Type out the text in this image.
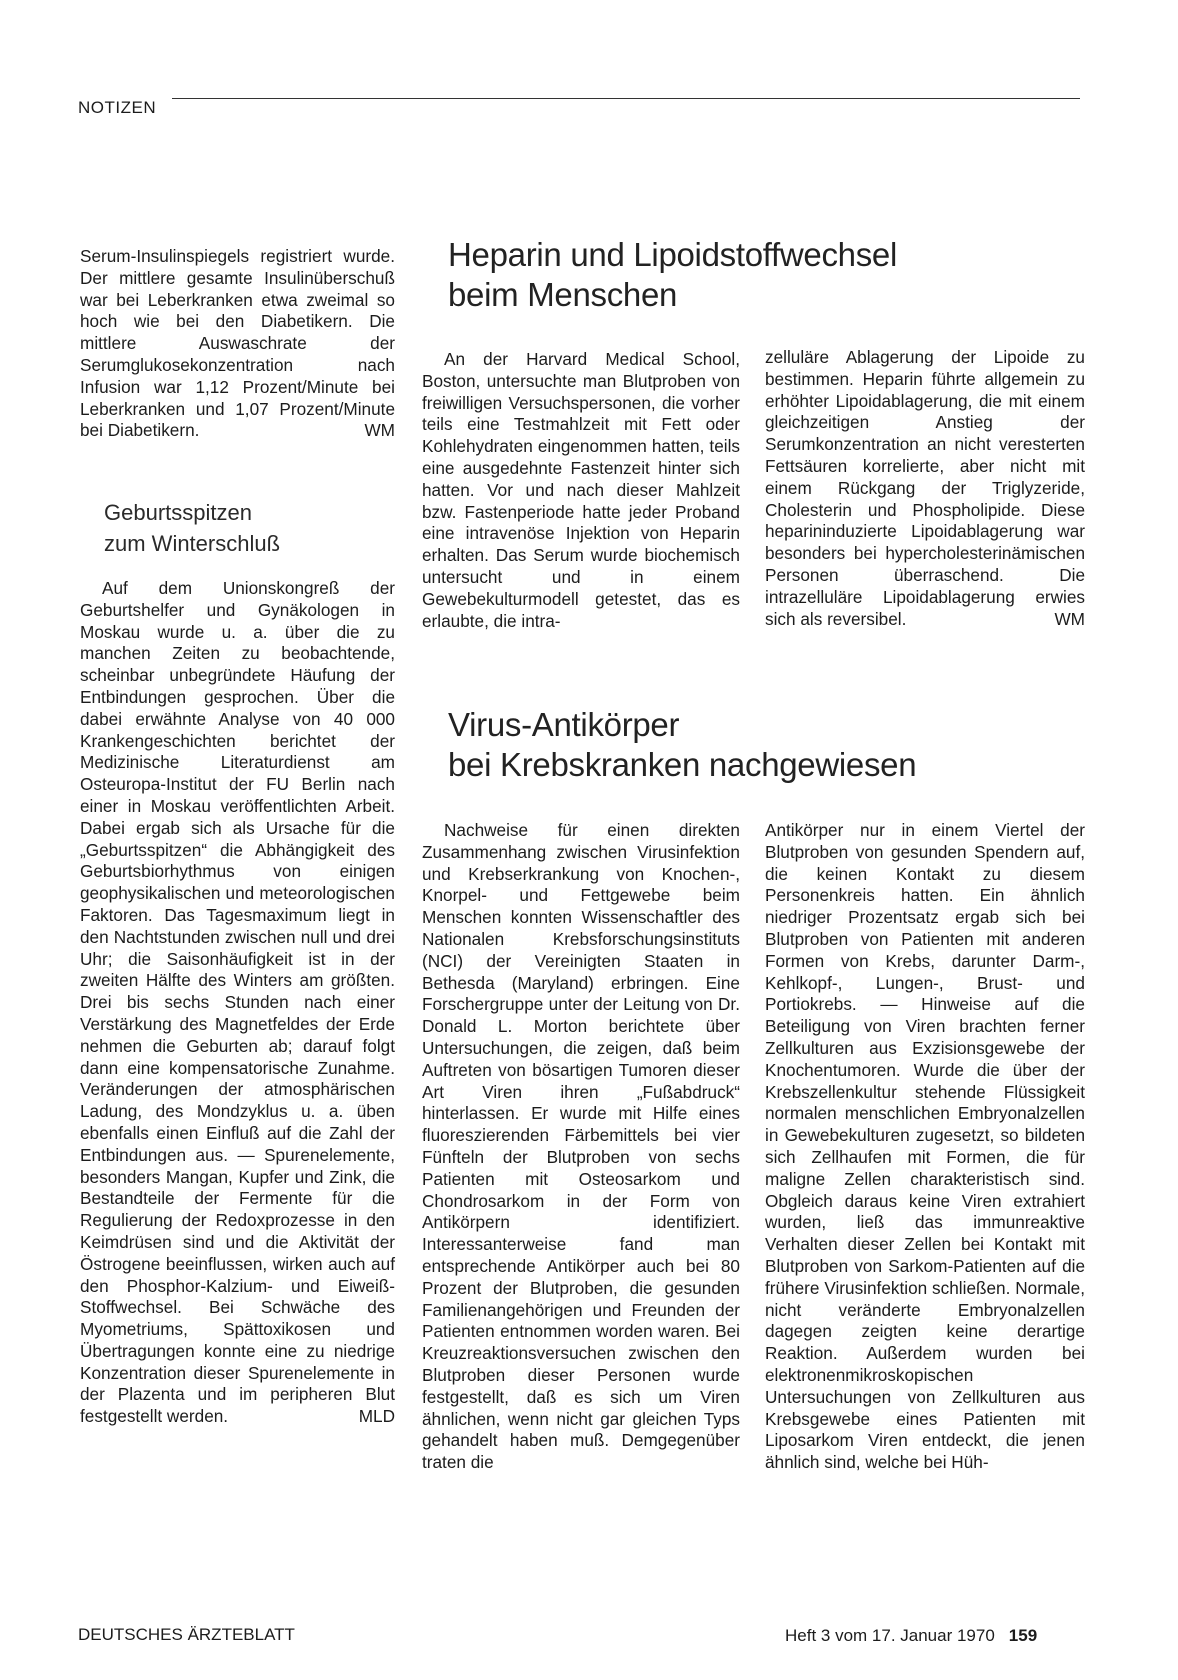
NOTIZEN

Serum-Insulinspiegels registriert wurde. Der mittlere gesamte Insulinüberschuß war bei Leberkranken etwa zweimal so hoch wie bei den Diabetikern. Die mittlere Auswaschrate der Serumglukosekonzentration nach Infusion war 1,12 Prozent/Minute bei Leberkranken und 1,07 Prozent/Minute bei Diabetikern.	WM

Geburtsspitzen
zum Winterschluß

Auf dem Unionskongreß der Geburtshelfer und Gynäkologen in Moskau wurde u. a. über die zu manchen Zeiten zu beobachtende, scheinbar unbegründete Häufung der Entbindungen gesprochen. Über die dabei erwähnte Analyse von 40 000 Krankengeschichten berichtet der Medizinische Literaturdienst am Osteuropa-Institut der FU Berlin nach einer in Moskau veröffentlichten Arbeit. Dabei ergab sich als Ursache für die „Geburtsspitzen“ die Abhängigkeit des Geburtsbiorhythmus von einigen geophysikalischen und meteorologischen Faktoren. Das Tagesmaximum liegt in den Nachtstunden zwischen null und drei Uhr; die Saisonhäufigkeit ist in der zweiten Hälfte des Winters am größten. Drei bis sechs Stunden nach einer Verstärkung des Magnetfeldes der Erde nehmen die Geburten ab; darauf folgt dann eine kompensatorische Zunahme. Veränderungen der atmosphärischen Ladung, des Mondzyklus u. a. üben ebenfalls einen Einfluß auf die Zahl der Entbindungen aus. — Spurenelemente, besonders Mangan, Kupfer und Zink, die Bestandteile der Fermente für die Regulierung der Redoxprozesse in den Keimdrüsen sind und die Aktivität der Östrogene beeinflussen, wirken auch auf den Phosphor-Kalzium- und Eiweiß-Stoffwechsel. Bei Schwäche des Myometriums, Spättoxikosen und Übertragungen konnte eine zu niedrige Konzentration dieser Spurenelemente in der Plazenta und im peripheren Blut festgestellt werden.	MLD

Heparin und Lipoidstoffwechsel
beim Menschen

An der Harvard Medical School, Boston, untersuchte man Blutproben von freiwilligen Versuchspersonen, die vorher teils eine Testmahlzeit mit Fett oder Kohlehydraten eingenommen hatten, teils eine ausgedehnte Fastenzeit hinter sich hatten. Vor und nach dieser Mahlzeit bzw. Fastenperiode hatte jeder Proband eine intravenöse Injektion von Heparin erhalten. Das Serum wurde biochemisch untersucht und in einem Gewebekulturmodell getestet, das es erlaubte, die intra-

zelluläre Ablagerung der Lipoide zu bestimmen. Heparin führte allgemein zu erhöhter Lipoidablagerung, die mit einem gleichzeitigen Anstieg der Serumkonzentration an nicht veresterten Fettsäuren korrelierte, aber nicht mit einem Rückgang der Triglyzeride, Cholesterin und Phospholipide. Diese heparininduzierte Lipoidablagerung war besonders bei hypercholesterinämischen Personen überraschend. Die intrazelluläre Lipoidablagerung erwies sich als reversibel.	WM

Virus-Antikörper
bei Krebskranken nachgewiesen

Nachweise für einen direkten Zusammenhang zwischen Virusinfektion und Krebserkrankung von Knochen-, Knorpel- und Fettgewebe beim Menschen konnten Wissenschaftler des Nationalen Krebsforschungsinstituts (NCI) der Vereinigten Staaten in Bethesda (Maryland) erbringen. Eine Forschergruppe unter der Leitung von Dr. Donald L. Morton berichtete über Untersuchungen, die zeigen, daß beim Auftreten von bösartigen Tumoren dieser Art Viren ihren „Fußabdruck“ hinterlassen. Er wurde mit Hilfe eines fluoreszierenden Färbemittels bei vier Fünfteln der Blutproben von sechs Patienten mit Osteosarkom und Chondrosarkom in der Form von Antikörpern identifiziert. Interessanterweise fand man entsprechende Antikörper auch bei 80 Prozent der Blutproben, die gesunden Familienangehörigen und Freunden der Patienten entnommen worden waren. Bei Kreuzreaktionsversuchen zwischen den Blutproben dieser Personen wurde festgestellt, daß es sich um Viren ähnlichen, wenn nicht gar gleichen Typs gehandelt haben muß. Demgegenüber traten die

Antikörper nur in einem Viertel der Blutproben von gesunden Spendern auf, die keinen Kontakt zu diesem Personenkreis hatten. Ein ähnlich niedriger Prozentsatz ergab sich bei Blutproben von Patienten mit anderen Formen von Krebs, darunter Darm-, Kehlkopf-, Lungen-, Brust- und Portiokrebs. — Hinweise auf die Beteiligung von Viren brachten ferner Zellkulturen aus Exzisionsgewebe der Knochentumoren. Wurde die über der Krebszellenkultur stehende Flüssigkeit normalen menschlichen Embryonalzellen in Gewebekulturen zugesetzt, so bildeten sich Zellhaufen mit Formen, die für maligne Zellen charakteristisch sind. Obgleich daraus keine Viren extrahiert wurden, ließ das immunreaktive Verhalten dieser Zellen bei Kontakt mit Blutproben von Sarkom-Patienten auf die frühere Virusinfektion schließen. Normale, nicht veränderte Embryonalzellen dagegen zeigten keine derartige Reaktion. Außerdem wurden bei elektronenmikroskopischen Untersuchungen von Zellkulturen aus Krebsgewebe eines Patienten mit Liposarkom Viren entdeckt, die jenen ähnlich sind, welche bei Hüh-

DEUTSCHES ÄRZTEBLATT	Heft 3 vom 17. Januar 1970 159
